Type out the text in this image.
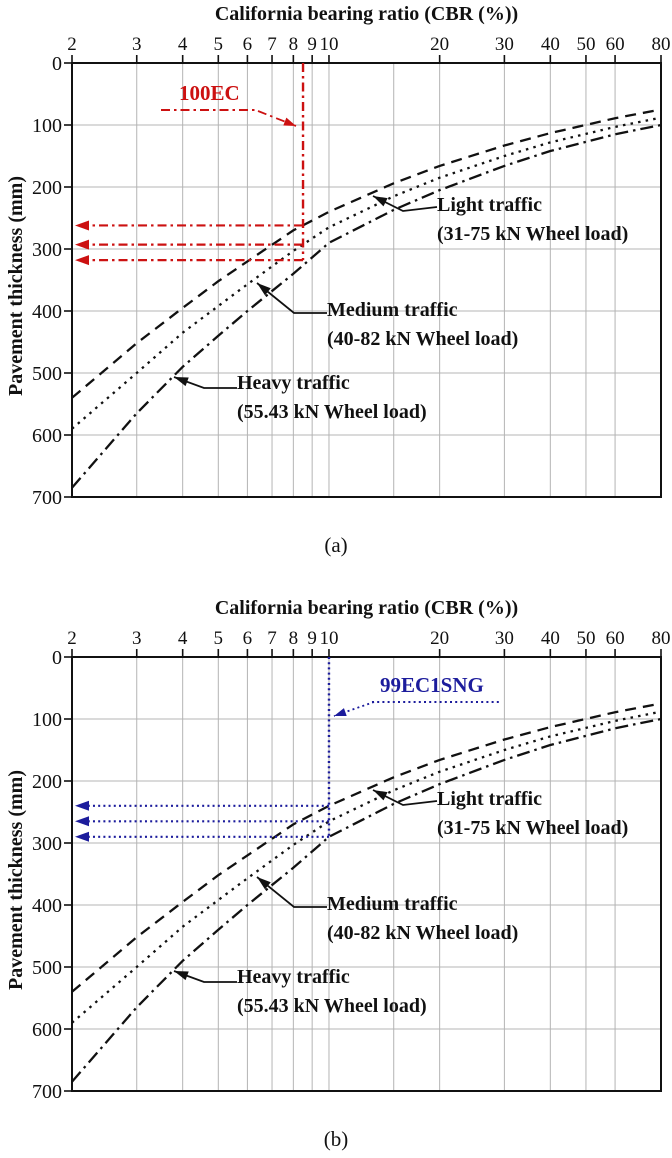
2	3 4 5 6 7 8 9 10	20 30 40 50 60 80
0
100
200
300
400
500
600
700
California bearing ratio (CBR (%))
Pavement thickness (mm)	Light traffic
(31-75 kN Wheel load)
Medium traffic
(40-82 kN Wheel load)
Heavy traffic
(55.43 kN Wheel load)
100EC
(a)
2	3 4 5 6 7 8 9 10	20 30 40 50 60 80
0
100
200
300
400
500
600
700
California bearing ratio (CBR (%))
Pavement thickness (mm)	Light traffic
(31-75 kN Wheel load)
Medium traffic
(40-82 kN Wheel load)
Heavy traffic
(55.43 kN Wheel load)
99EC1SNG
(b)
